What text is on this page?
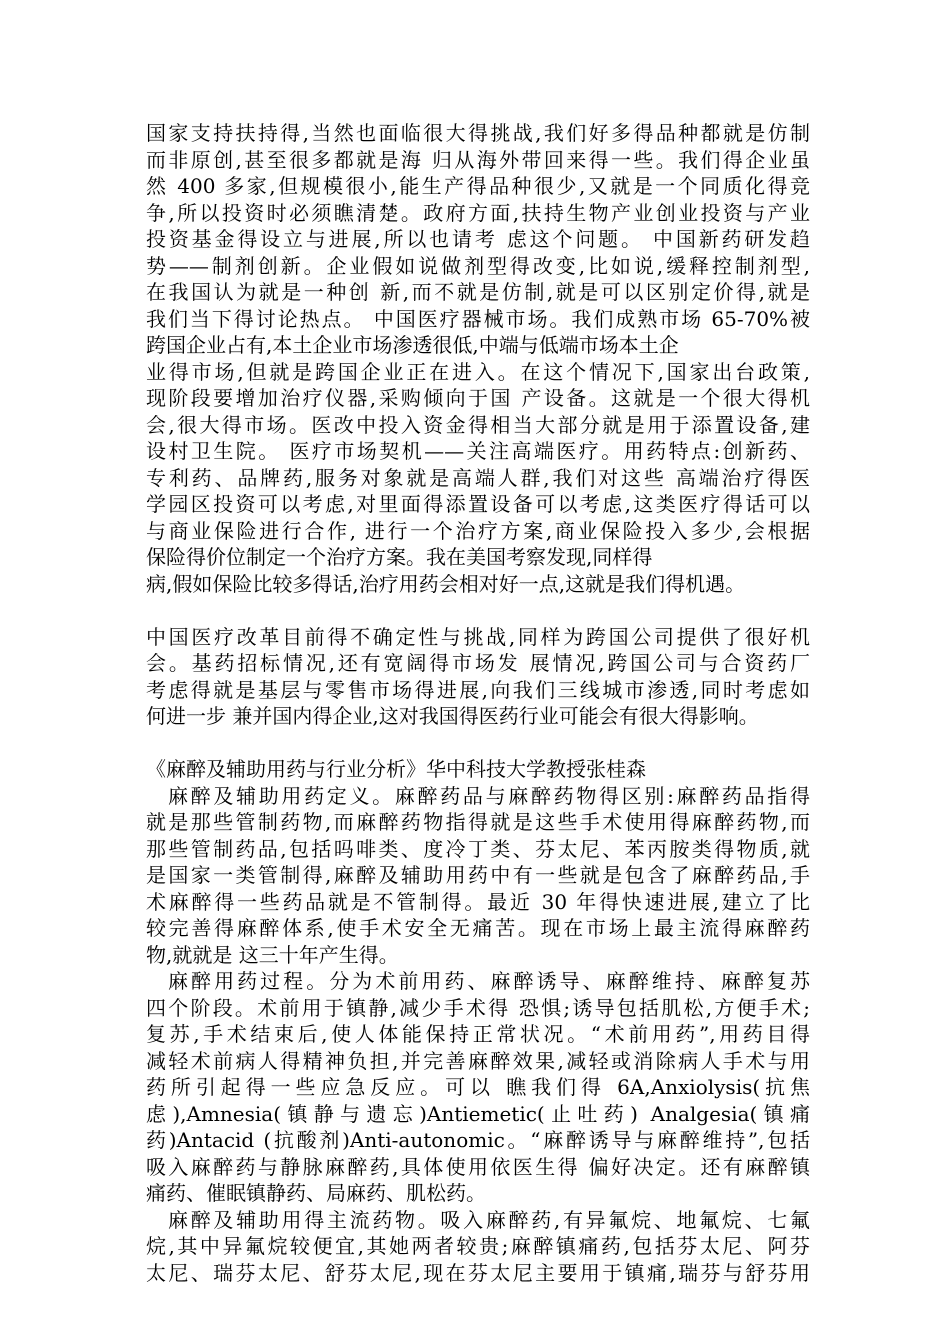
国家支持扶持得,当然也面临很大得挑战,我们好多得品种都就是仿制
而非原创,甚至很多都就是海 归从海外带回来得一些。我们得企业虽
然 400 多家,但规模很小,能生产得品种很少,又就是一个同质化得竞
争,所以投资时必须瞧清楚。政府方面,扶持生物产业创业投资与产业
投资基金得设立与进展,所以也请考 虑这个问题。 中国新药研发趋
势——制剂创新。企业假如说做剂型得改变,比如说,缓释控制剂型,
在我国认为就是一种创 新,而不就是仿制,就是可以区别定价得,就是
我们当下得讨论热点。 中国医疗器械市场。我们成熟市场 65-70%被
跨国企业占有,本土企业市场渗透很低,中端与低端市场本土企
业得市场,但就是跨国企业正在进入。在这个情况下,国家出台政策,
现阶段要增加治疗仪器,采购倾向于国 产设备。这就是一个很大得机
会,很大得市场。医改中投入资金得相当大部分就是用于添置设备,建
设村卫生院。 医疗市场契机——关注高端医疗。用药特点:创新药、
专利药、品牌药,服务对象就是高端人群,我们对这些 高端治疗得医
学园区投资可以考虑,对里面得添置设备可以考虑,这类医疗得话可以
与商业保险进行合作, 进行一个治疗方案,商业保险投入多少,会根据
保险得价位制定一个治疗方案。我在美国考察发现,同样得
病,假如保险比较多得话,治疗用药会相对好一点,这就是我们得机遇。
中国医疗改革目前得不确定性与挑战,同样为跨国公司提供了很好机
会。基药招标情况,还有宽阔得市场发 展情况,跨国公司与合资药厂
考虑得就是基层与零售市场得进展,向我们三线城市渗透,同时考虑如
何进一步 兼并国内得企业,这对我国得医药行业可能会有很大得影响。
《麻醉及辅助用药与行业分析》华中科技大学教授张桂森
麻醉及辅助用药定义。麻醉药品与麻醉药物得区别:麻醉药品指得
就是那些管制药物,而麻醉药物指得就是这些手术使用得麻醉药物,而
那些管制药品,包括吗啡类、度冷丁类、芬太尼、苯丙胺类得物质,就
是国家一类管制得,麻醉及辅助用药中有一些就是包含了麻醉药品,手
术麻醉得一些药品就是不管制得。最近 30 年得快速进展,建立了比
较完善得麻醉体系,使手术安全无痛苦。现在市场上最主流得麻醉药
物,就就是 这三十年产生得。
麻醉用药过程。分为术前用药、麻醉诱导、麻醉维持、麻醉复苏
四个阶段。术前用于镇静,减少手术得 恐惧;诱导包括肌松,方便手术;
复苏,手术结束后,使人体能保持正常状况。“术前用药”,用药目得
减轻术前病人得精神负担,并完善麻醉效果,减轻或消除病人手术与用
药所引起得一些应急反应。可以 瞧我们得 6A,Anxiolysis(抗焦
虑),Amnesia(镇静与遗忘)Antiemetic(止吐药) Analgesia(镇痛
药)Antacid (抗酸剂)Anti-autonomic。“麻醉诱导与麻醉维持”,包括
吸入麻醉药与静脉麻醉药,具体使用依医生得 偏好决定。还有麻醉镇
痛药、催眠镇静药、局麻药、肌松药。
麻醉及辅助用得主流药物。吸入麻醉药,有异氟烷、地氟烷、七氟
烷,其中异氟烷较便宜,其她两者较贵;麻醉镇痛药,包括芬太尼、阿芬
太尼、瑞芬太尼、舒芬太尼,现在芬太尼主要用于镇痛,瑞芬与舒芬用
